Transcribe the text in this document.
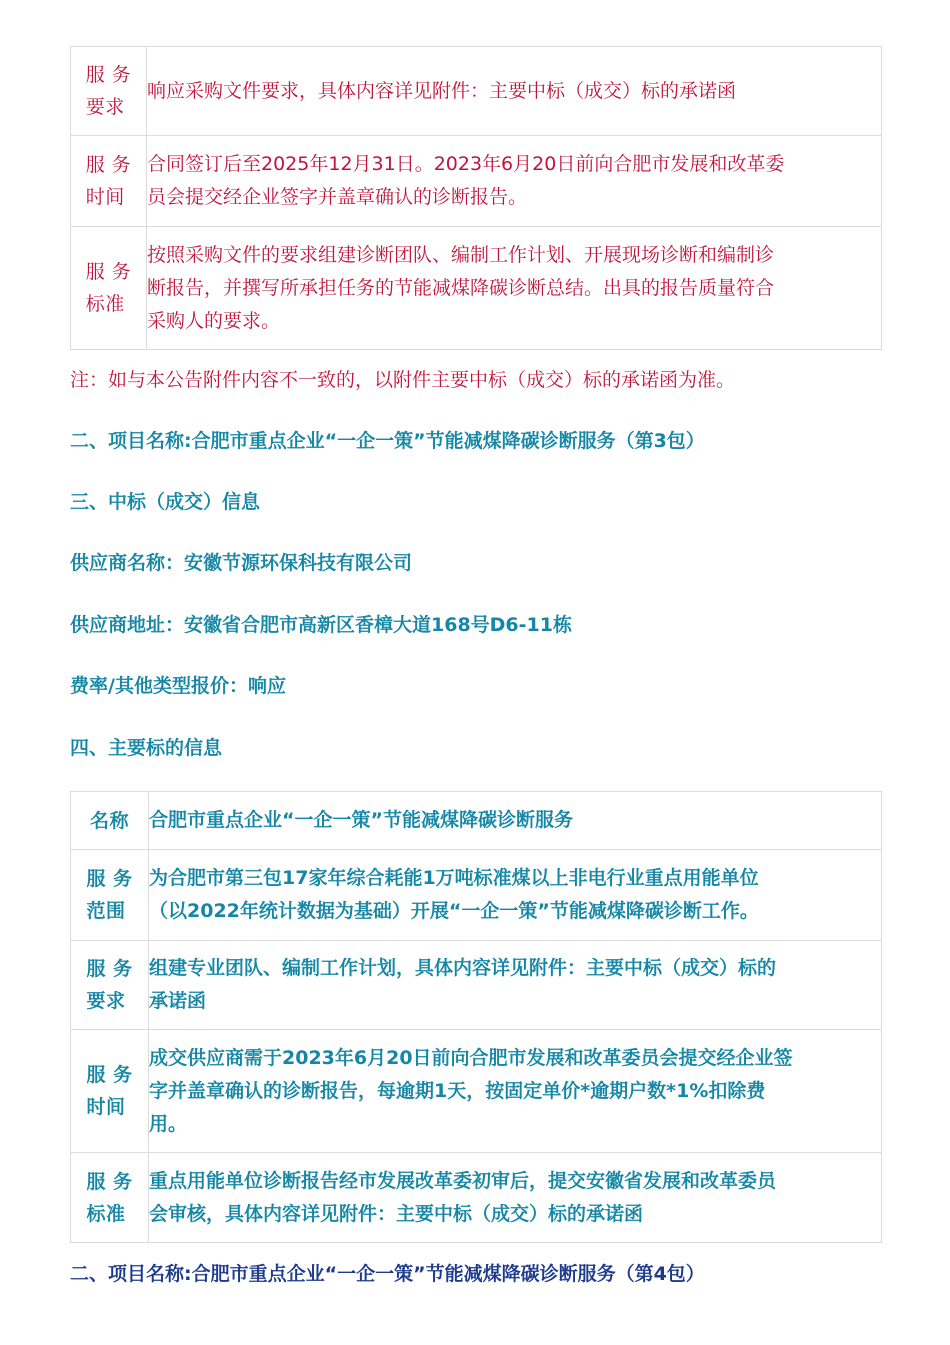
服 务
要求	响应采购文件要求，具体内容详见附件：主要中标（成交）标的承诺函

服 务
时间	合同签订后至2025年12月31日。2023年6月20日前向合肥市发展和改革委
员会提交经企业签字并盖章确认的诊断报告。

服 务
标准	按照采购文件的要求组建诊断团队、编制工作计划、开展现场诊断和编制诊
断报告，并撰写所承担任务的节能减煤降碳诊断总结。出具的报告质量符合
采购人的要求。
注：如与本公告附件内容不一致的，以附件主要中标（成交）标的承诺函为准。
二、项目名称:合肥市重点企业“一企一策”节能减煤降碳诊断服务（第3包）
三、中标（成交）信息
供应商名称：安徽节源环保科技有限公司
供应商地址：安徽省合肥市高新区香樟大道168号D6-11栋
费率/其他类型报价：响应
四、主要标的信息
名称	合肥市重点企业“一企一策”节能减煤降碳诊断服务

服 务
范围	为合肥市第三包17家年综合耗能1万吨标准煤以上非电行业重点用能单位
（以2022年统计数据为基础）开展“一企一策”节能减煤降碳诊断工作。

服 务
要求	组建专业团队、编制工作计划，具体内容详见附件：主要中标（成交）标的
承诺函

服 务
时间	成交供应商需于2023年6月20日前向合肥市发展和改革委员会提交经企业签
字并盖章确认的诊断报告，每逾期1天，按固定单价*逾期户数*1%扣除费
用。

服 务
标准	重点用能单位诊断报告经市发展改革委初审后，提交安徽省发展和改革委员
会审核，具体内容详见附件：主要中标（成交）标的承诺函
二、项目名称:合肥市重点企业“一企一策”节能减煤降碳诊断服务（第4包）
